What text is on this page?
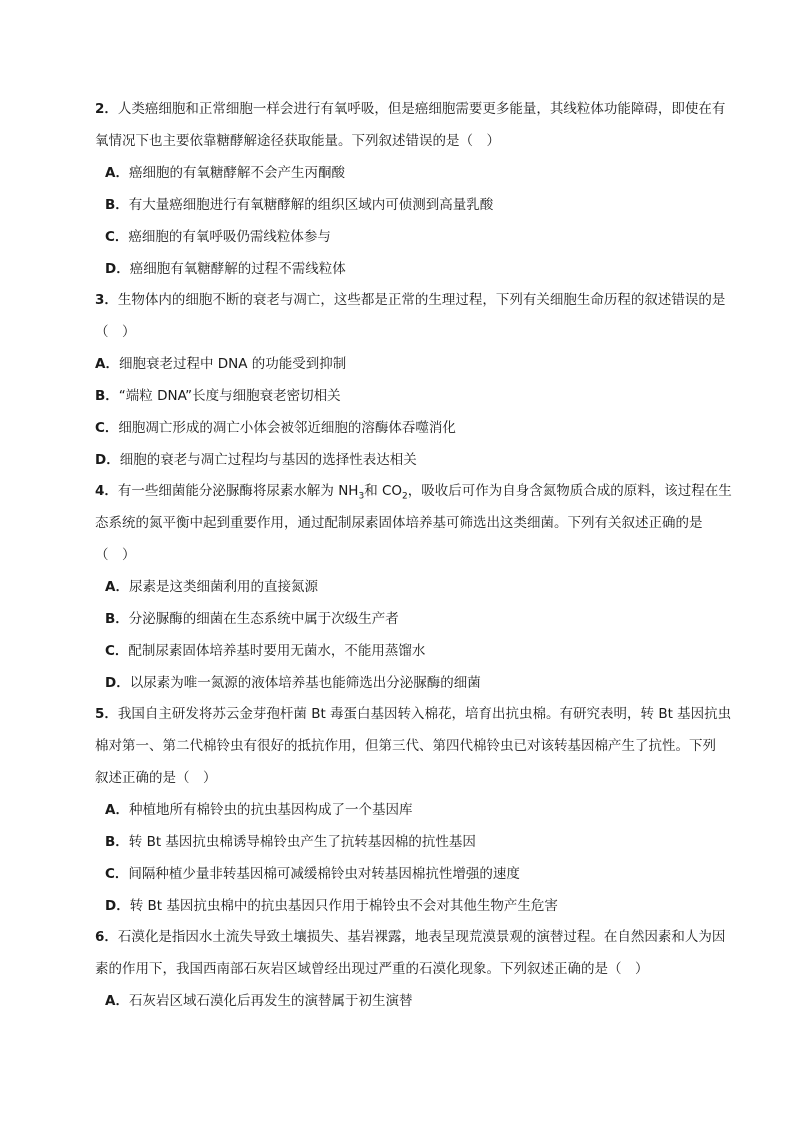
2．人类癌细胞和正常细胞一样会进行有氧呼吸，但是癌细胞需要更多能量，其线粒体功能障碍，即使在有

氧情况下也主要依靠糖酵解途径获取能量。下列叙述错误的是（　）

A．癌细胞的有氧糖酵解不会产生丙酮酸

B．有大量癌细胞进行有氧糖酵解的组织区域内可侦测到高量乳酸

C．癌细胞的有氧呼吸仍需线粒体参与

D．癌细胞有氧糖酵解的过程不需线粒体

3．生物体内的细胞不断的衰老与凋亡，这些都是正常的生理过程，下列有关细胞生命历程的叙述错误的是

（　）

A．细胞衰老过程中 DNA 的功能受到抑制

B．“端粒 DNA”长度与细胞衰老密切相关

C．细胞凋亡形成的凋亡小体会被邻近细胞的溶酶体吞噬消化

D．细胞的衰老与凋亡过程均与基因的选择性表达相关

4．有一些细菌能分泌脲酶将尿素水解为 $NH_3$和 $CO_2$，吸收后可作为自身含氮物质合成的原料，该过程在生

态系统的氮平衡中起到重要作用，通过配制尿素固体培养基可筛选出这类细菌。下列有关叙述正确的是

（　）

A．尿素是这类细菌利用的直接氮源

B．分泌脲酶的细菌在生态系统中属于次级生产者

C．配制尿素固体培养基时要用无菌水，不能用蒸馏水

D．以尿素为唯一氮源的液体培养基也能筛选出分泌脲酶的细菌

5．我国自主研发将苏云金芽孢杆菌 Bt 毒蛋白基因转入棉花，培育出抗虫棉。有研究表明，转 Bt 基因抗虫

棉对第一、第二代棉铃虫有很好的抵抗作用，但第三代、第四代棉铃虫已对该转基因棉产生了抗性。下列

叙述正确的是（　）

A．种植地所有棉铃虫的抗虫基因构成了一个基因库

B．转 Bt 基因抗虫棉诱导棉铃虫产生了抗转基因棉的抗性基因

C．间隔种植少量非转基因棉可减缓棉铃虫对转基因棉抗性增强的速度

D．转 Bt 基因抗虫棉中的抗虫基因只作用于棉铃虫不会对其他生物产生危害

6．石漠化是指因水土流失导致土壤损失、基岩裸露，地表呈现荒漠景观的演替过程。在自然因素和人为因

素的作用下，我国西南部石灰岩区域曾经出现过严重的石漠化现象。下列叙述正确的是（　）

A．石灰岩区域石漠化后再发生的演替属于初生演替
